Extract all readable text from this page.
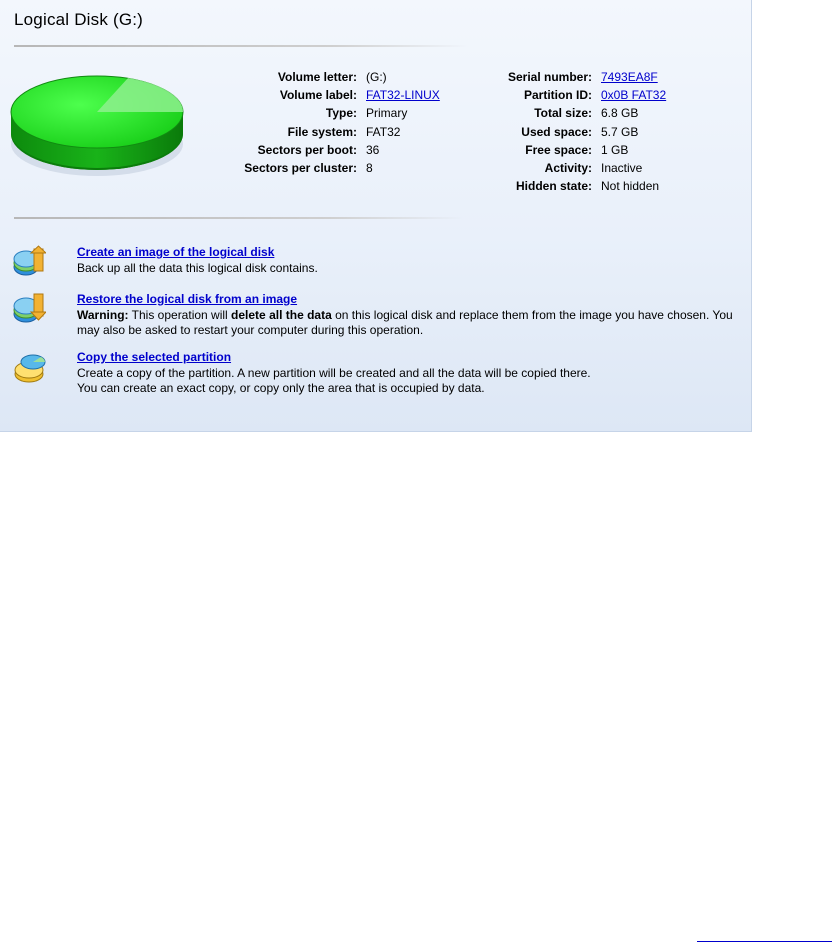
Logical Disk (G:)
Volume letter: (G:)
Volume label: FAT32-LINUX
Type: Primary
File system: FAT32
Sectors per boot: 36
Sectors per cluster: 8
Serial number: 7493EA8F
Partition ID: 0x0B FAT32
Total size: 6.8 GB
Used space: 5.7 GB
Free space: 1 GB
Activity: Inactive
Hidden state: Not hidden
Create an image of the logical disk
Back up all the data this logical disk contains.
Restore the logical disk from an image
Warning: This operation will delete all the data on this logical disk and replace them from the image you have chosen. You may also be asked to restart your computer during this operation.
Copy the selected partition
Create a copy of the partition. A new partition will be created and all the data will be copied there.
You can create an exact copy, or copy only the area that is occupied by data.
